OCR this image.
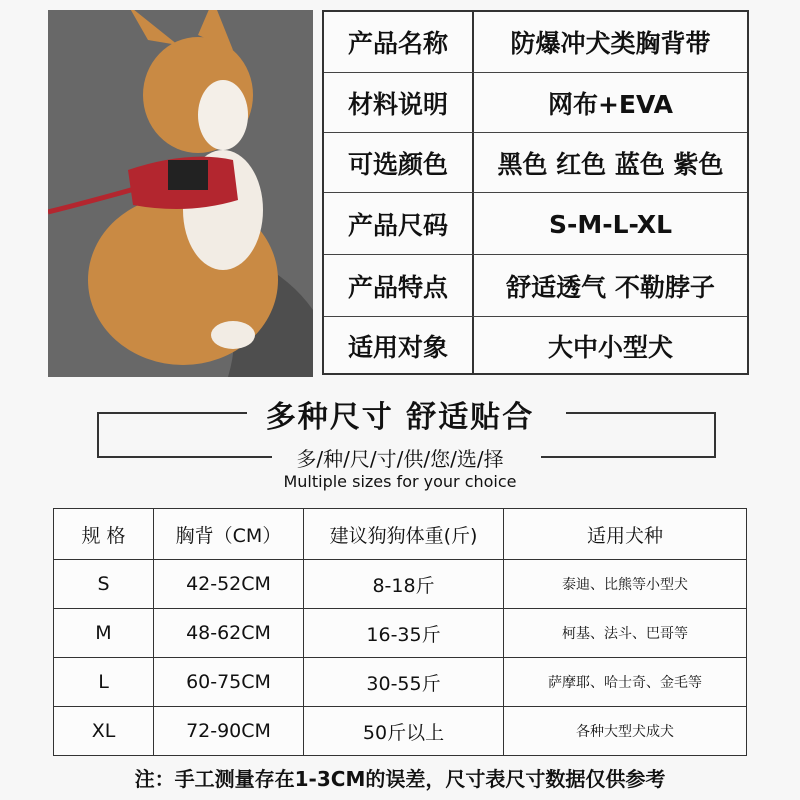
产品名称	防爆冲犬类胸背带
材料说明	网布+EVA
可选颜色	黑色 红色 蓝色 紫色
产品尺码	S-M-L-XL
产品特点	舒适透气 不勒脖子
适用对象	大中小型犬
多种尺寸 舒适贴合
多/种/尺/寸/供/您/选/择
Multiple sizes for your choice
规 格	胸背（CM）	建议狗狗体重(斤)	适用犬种
S	42-52CM	8-18斤	泰迪、比熊等小型犬
M	48-62CM	16-35斤	柯基、法斗、巴哥等
L	60-75CM	30-55斤	萨摩耶、哈士奇、金毛等
XL	72-90CM	50斤以上	各种大型犬成犬
注：手工测量存在1-3CM的误差，尺寸表尺寸数据仅供参考
